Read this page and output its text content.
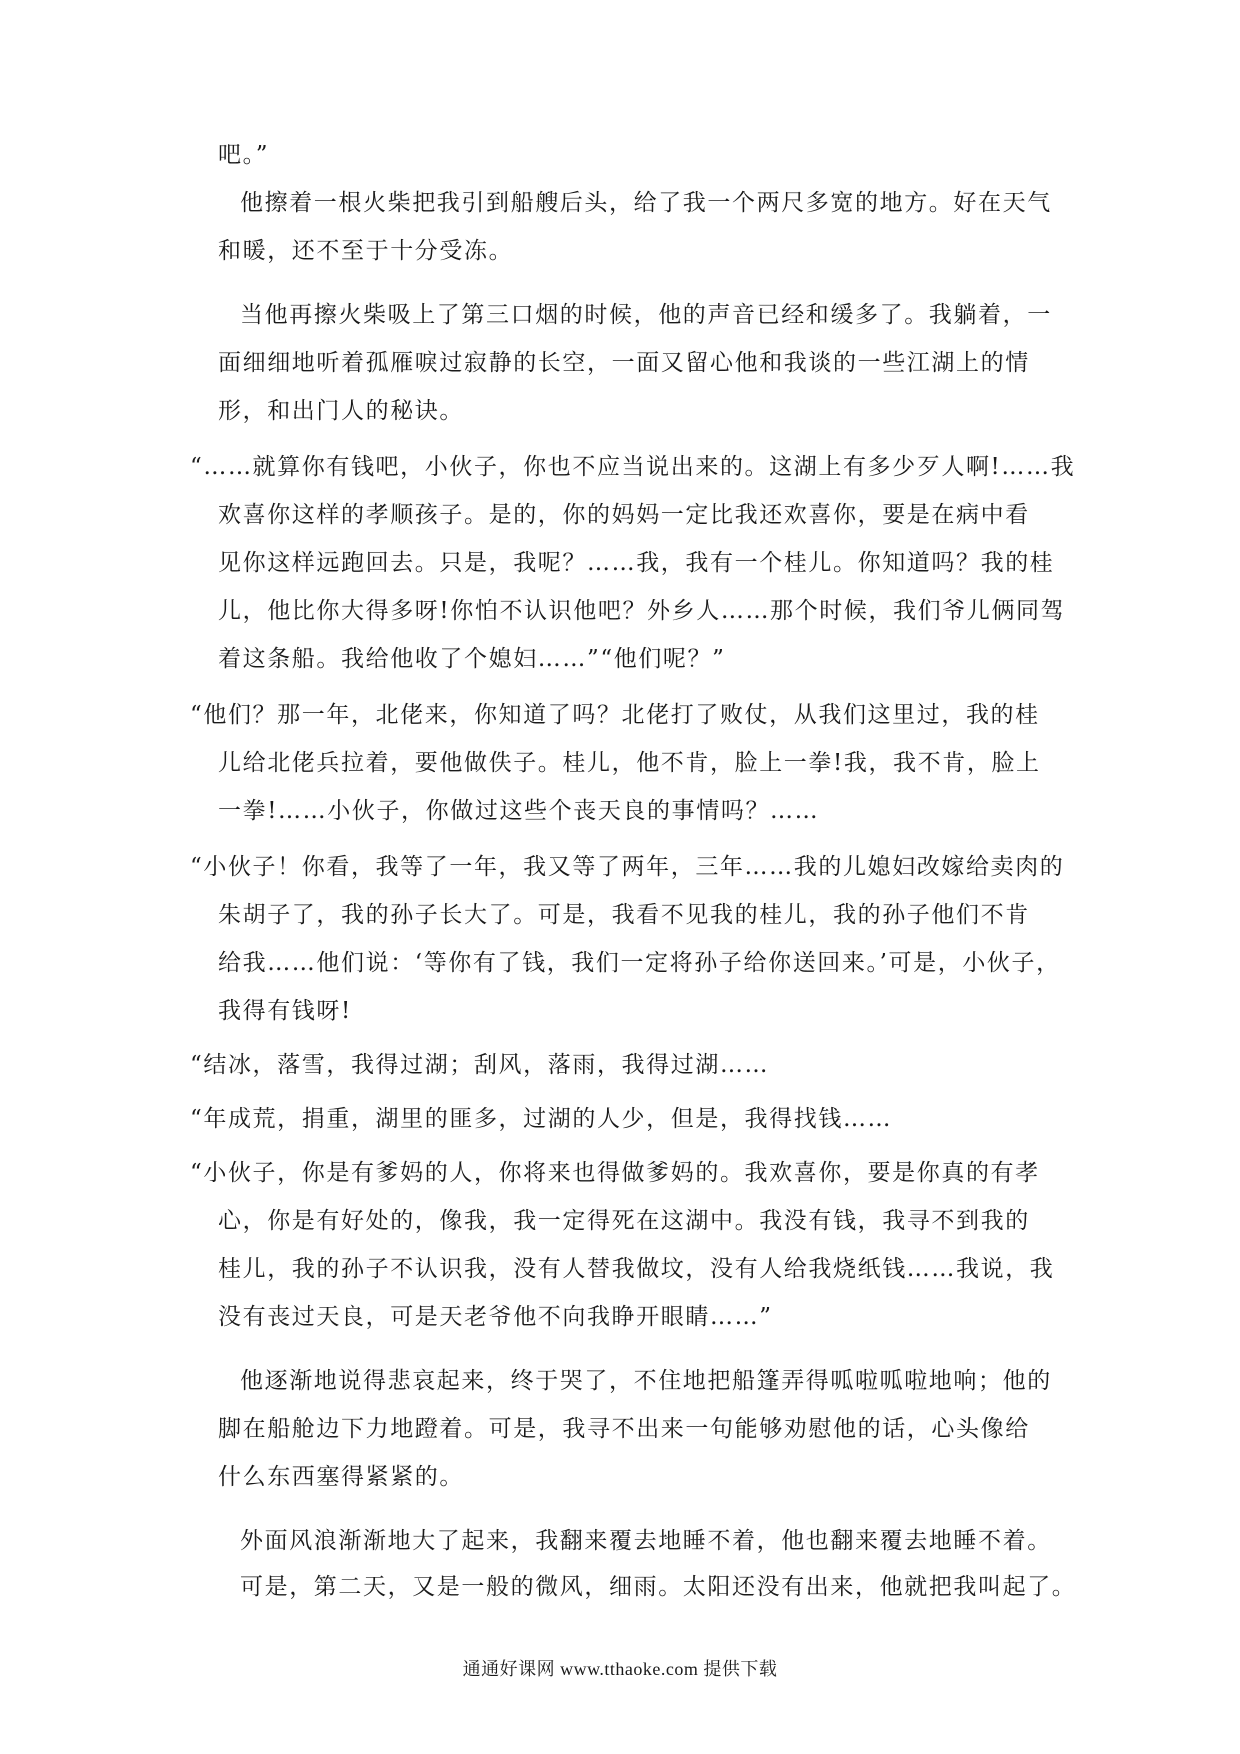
吧。”
他擦着一根火柴把我引到船艘后头，给了我一个两尺多宽的地方。好在天气
和暖，还不至于十分受冻。
当他再擦火柴吸上了第三口烟的时候，他的声音已经和缓多了。我躺着，一
面细细地听着孤雁唳过寂静的长空，一面又留心他和我谈的一些江湖上的情
形，和出门人的秘诀。
“……就算你有钱吧，小伙子，你也不应当说出来的。这湖上有多少歹人啊!……我
欢喜你这样的孝顺孩子。是的，你的妈妈一定比我还欢喜你，要是在病中看
见你这样远跑回去。只是，我呢？……我，我有一个桂儿。你知道吗？我的桂
儿，他比你大得多呀!你怕不认识他吧？外乡人……那个时候，我们爷儿俩同驾
着这条船。我给他收了个媳妇……”“他们呢？”
“他们？那一年，北佬来，你知道了吗？北佬打了败仗，从我们这里过，我的桂
儿给北佬兵拉着，要他做佚子。桂儿，他不肯，脸上一拳!我，我不肯，脸上
一拳!……小伙子，你做过这些个丧天良的事情吗？……
“小伙子！你看，我等了一年，我又等了两年，三年……我的儿媳妇改嫁给卖肉的
朱胡子了，我的孙子长大了。可是，我看不见我的桂儿，我的孙子他们不肯
给我……他们说：‘等你有了钱，我们一定将孙子给你送回来。’可是，小伙子，
我得有钱呀!
“结冰，落雪，我得过湖；刮风，落雨，我得过湖……
“年成荒，捐重，湖里的匪多，过湖的人少，但是，我得找钱……
“小伙子，你是有爹妈的人，你将来也得做爹妈的。我欢喜你，要是你真的有孝
心，你是有好处的，像我，我一定得死在这湖中。我没有钱，我寻不到我的
桂儿，我的孙子不认识我，没有人替我做坟，没有人给我烧纸钱……我说，我
没有丧过天良，可是天老爷他不向我睁开眼睛……”
他逐渐地说得悲哀起来，终于哭了，不住地把船篷弄得呱啦呱啦地响；他的
脚在船舱边下力地蹬着。可是，我寻不出来一句能够劝慰他的话，心头像给
什么东西塞得紧紧的。
外面风浪渐渐地大了起来，我翻来覆去地睡不着，他也翻来覆去地睡不着。
可是，第二天，又是一般的微风，细雨。太阳还没有出来，他就把我叫起了。
通通好课网 www.tthaoke.com 提供下载
